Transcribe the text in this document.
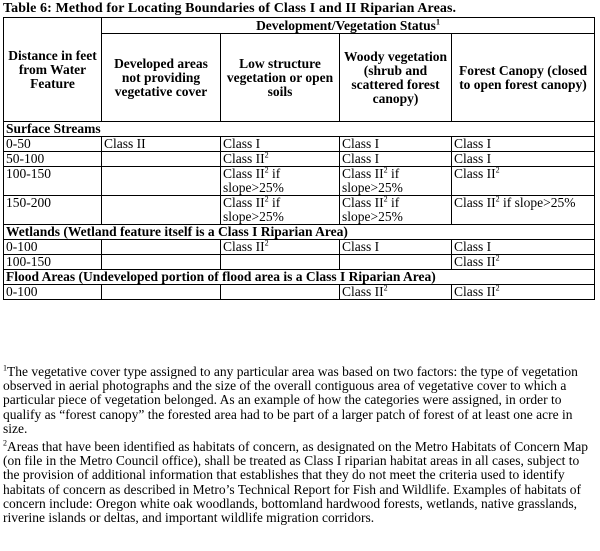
Table 6: Method for Locating Boundaries of Class I and II Riparian Areas.
Distance in feet from Water Feature	Development/Vegetation Status$^1$
	Developed areas not providing vegetative cover	Low structure vegetation or open soils	Woody vegetation (shrub and scattered forest canopy)	Forest Canopy (closed to open forest canopy)
Surface Streams				
0-50	Class II	Class I	Class I	Class I
50-100		Class $II^2$	Class I	Class I
100-150		Class $II^2$ if slope>25%	Class $II^2$ if slope>25%	Class $II^2$
150-200		Class $II^2$ if slope>25%	Class $II^2$ if slope>25%	Class $II^2$ if slope>25%
Wetlands (Wetland feature itself is a Class I Riparian Area)				
0-100		Class $II^2$	Class I	Class I
100-150				Class $II^2$
Flood Areas (Undeveloped portion of flood area is a Class I Riparian Area)				
0-100			Class $II^2$	Class $II^2$

$^1$The vegetative cover type assigned to any particular area was based on two factors: the type of vegetation observed in aerial photographs and the size of the overall contiguous area of vegetative cover to which a particular piece of vegetation belonged. As an example of how the categories were assigned, in order to qualify as “forest canopy” the forested area had to be part of a larger patch of forest of at least one acre in size.

$^2$Areas that have been identified as habitats of concern, as designated on the Metro Habitats of Concern Map (on file in the Metro Council office), shall be treated as Class I riparian habitat areas in all cases, subject to the provision of additional information that establishes that they do not meet the criteria used to identify habitats of concern as described in Metro’s Technical Report for Fish and Wildlife. Examples of habitats of concern include: Oregon white oak woodlands, bottomland hardwood forests, wetlands, native grasslands, riverine islands or deltas, and important wildlife migration corridors.
